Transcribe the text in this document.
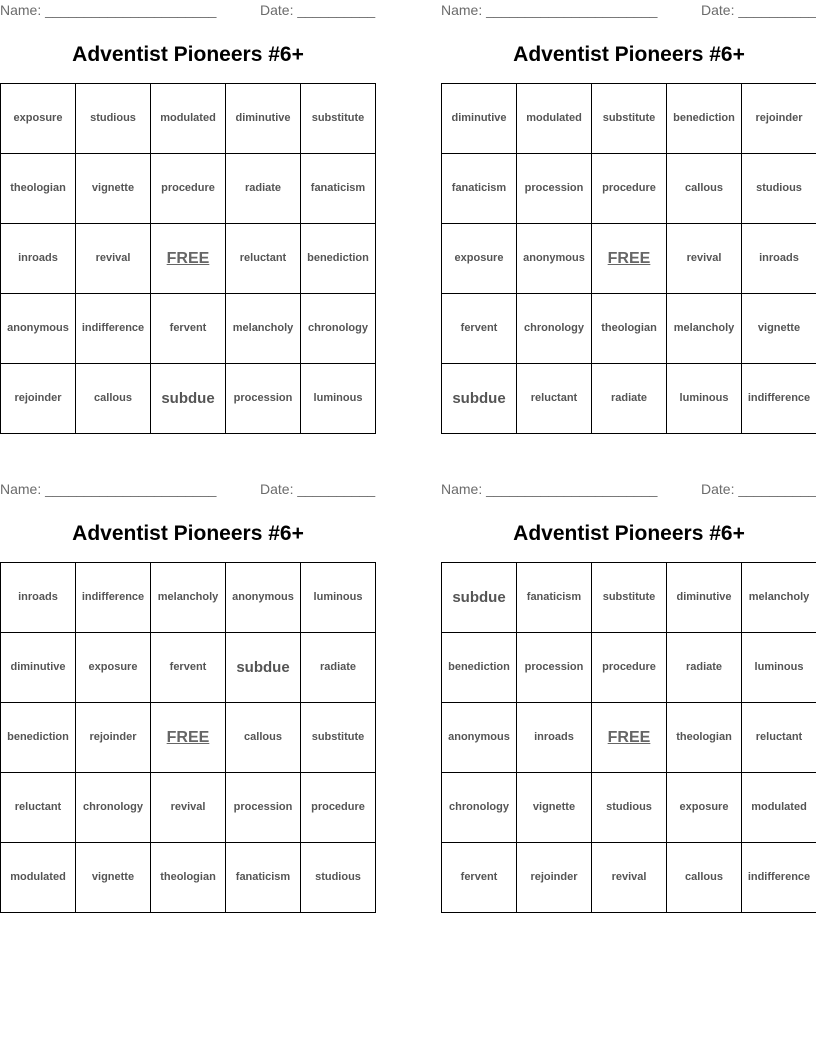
Name: ______________________	Date: __________
Adventist Pioneers #6+
exposure	studious	modulated	diminutive	substitute
theologian	vignette	procedure	radiate	fanaticism
inroads	revival	FREE	reluctant	benediction
anonymous	indifference	fervent	melancholy	chronology
rejoinder	callous	subdue	procession	luminous
Name: ______________________	Date: __________
Adventist Pioneers #6+
diminutive	modulated	substitute	benediction	rejoinder
fanaticism	procession	procedure	callous	studious
exposure	anonymous	FREE	revival	inroads
fervent	chronology	theologian	melancholy	vignette
subdue	reluctant	radiate	luminous	indifference
Name: ______________________	Date: __________
Adventist Pioneers #6+
inroads	indifference	melancholy	anonymous	luminous
diminutive	exposure	fervent	subdue	radiate
benediction	rejoinder	FREE	callous	substitute
reluctant	chronology	revival	procession	procedure
modulated	vignette	theologian	fanaticism	studious
Name: ______________________	Date: __________
Adventist Pioneers #6+
subdue	fanaticism	substitute	diminutive	melancholy
benediction	procession	procedure	radiate	luminous
anonymous	inroads	FREE	theologian	reluctant
chronology	vignette	studious	exposure	modulated
fervent	rejoinder	revival	callous	indifference
